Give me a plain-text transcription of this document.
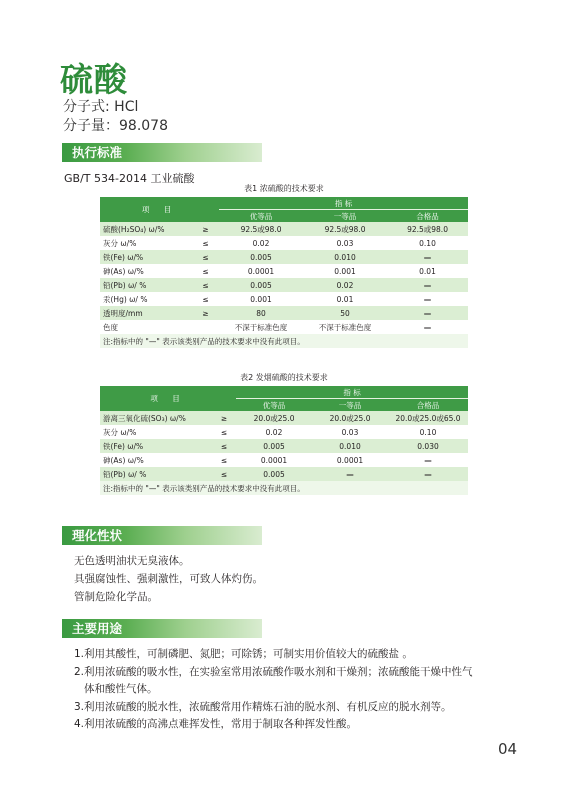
硫酸
分子式: HCl
分子量：98.078
执行标准
GB/T 534-2014 工业硫酸
表1 浓硫酸的技术要求
项 目		指 标		
		优等品	一等品	合格品
硫酸(H₂SO₄) ω/%	≥	92.5或98.0	92.5或98.0	92.5或98.0
灰分 ω/%	≤	0.02	0.03	0.10
铁(Fe) ω/%	≤	0.005	0.010	—
砷(As) ω/%	≤	0.0001	0.001	0.01
铅(Pb) ω/ %	≤	0.005	0.02	—
汞(Hg) ω/ %	≤	0.001	0.01	—
透明度/mm	≥	80	50	—
色度		不深于标准色度	不深于标准色度	—
注:指标中的 "—" 表示该类别产品的技术要求中没有此项目。				
表2 发烟硫酸的技术要求
项 目		指 标		
		优等品	一等品	合格品
游离三氧化硫(SO₃) ω/%	≥	20.0或25.0	20.0或25.0	20.0或25.0或65.0
灰分 ω/%	≤	0.02	0.03	0.10
铁(Fe) ω/%	≤	0.005	0.010	0.030
砷(As) ω/%	≤	0.0001	0.0001	—
铅(Pb) ω/ %	≤	0.005	—	—
注:指标中的 "—" 表示该类别产品的技术要求中没有此项目。				
理化性状
无色透明油状无臭液体。
具强腐蚀性、强刺激性，可致人体灼伤。
管制危险化学品。
主要用途
1.利用其酸性，可制磷肥、氮肥；可除锈；可制实用价值较大的硫酸盐 。
2.利用浓硫酸的吸水性，在实验室常用浓硫酸作吸水剂和干燥剂；浓硫酸能干燥中性气
体和酸性气体。
3.利用浓硫酸的脱水性，浓硫酸常用作精炼石油的脱水剂、有机反应的脱水剂等。
4.利用浓硫酸的高沸点难挥发性，常用于制取各种挥发性酸。
04
